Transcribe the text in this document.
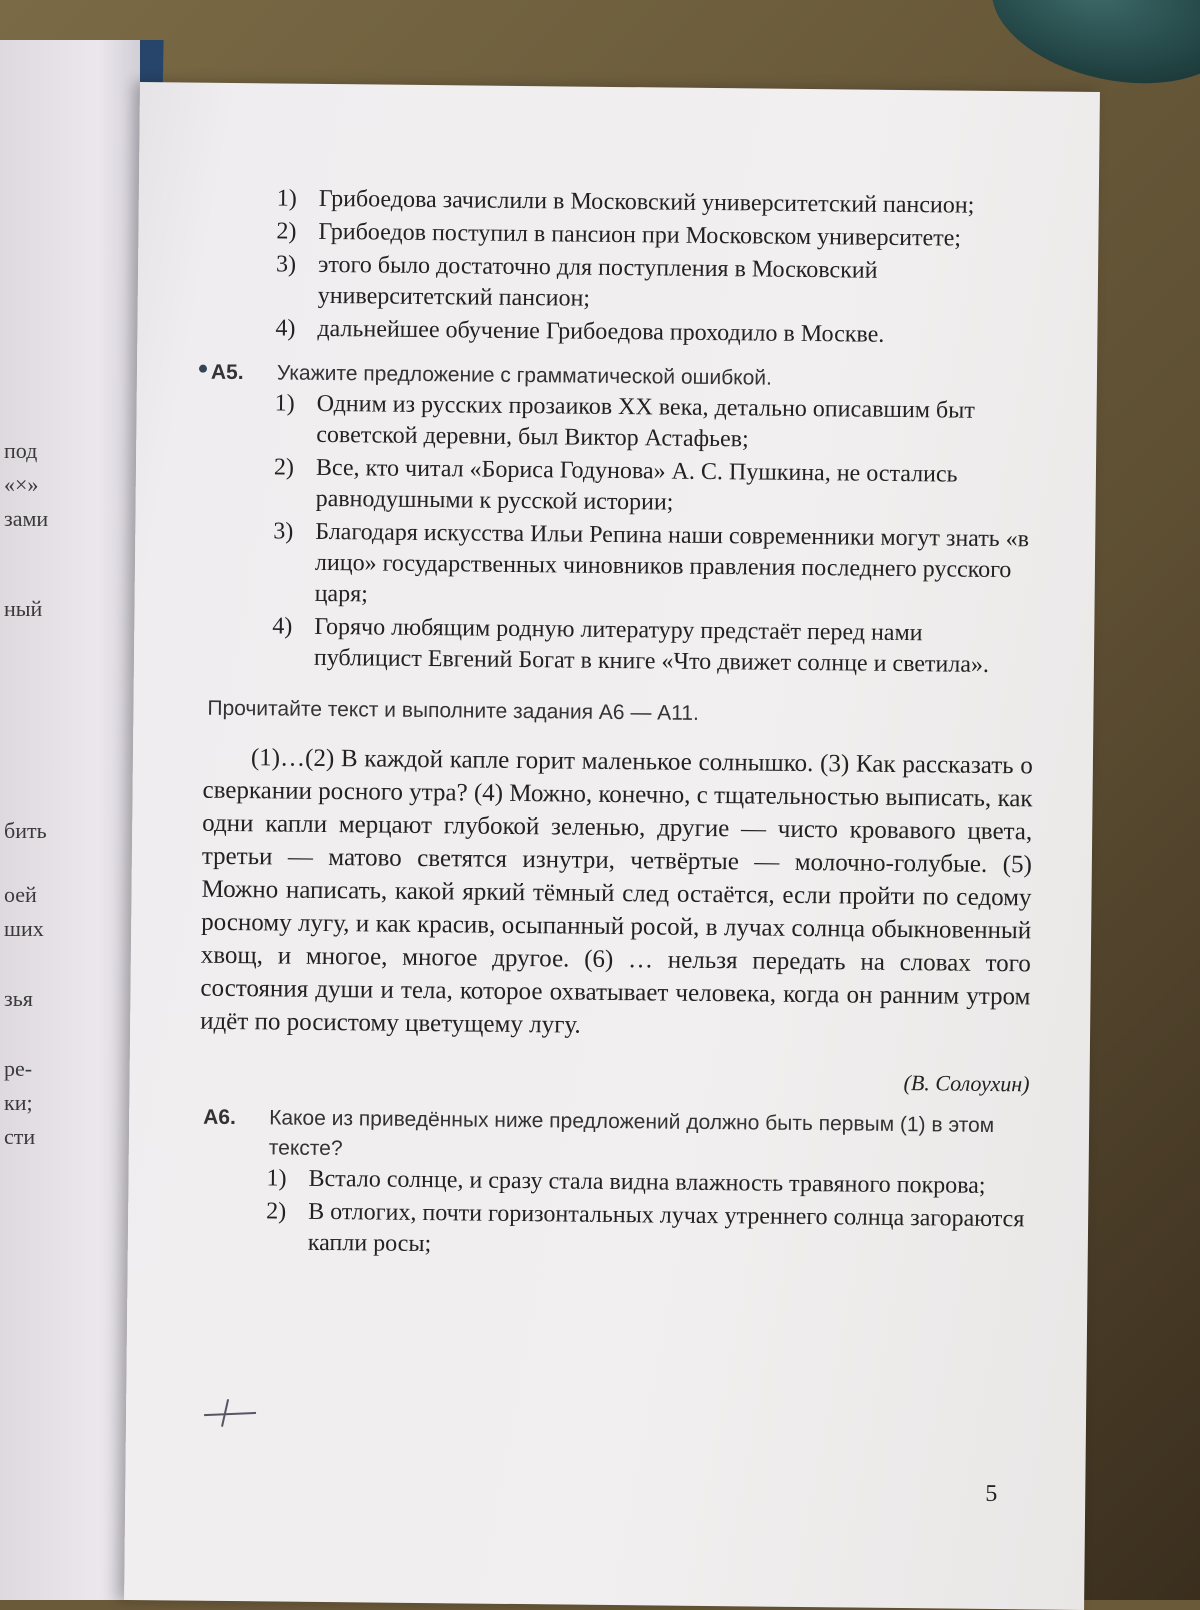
под
«×»
зами
ный
бить
оей
ших
зья
ре-
ки;
сти
1) Грибоедова зачислили в Московский университетский пансион;
2) Грибоедов поступил в пансион при Московском университете;
3) этого было достаточно для поступления в Московский университетский пансион;
4) дальнейшее обучение Грибоедова проходило в Москве.
А5. Укажите предложение с грамматической ошибкой.
1) Одним из русских прозаиков XX века, детально описавшим быт советской деревни, был Виктор Астафьев;
2) Все, кто читал «Бориса Годунова» А. С. Пушкина, не остались равнодушными к русской истории;
3) Благодаря искусства Ильи Репина наши современники могут знать «в лицо» государственных чиновников правления последнего русского царя;
4) Горячо любящим родную литературу предстаёт перед нами публицист Евгений Богат в книге «Что движет солнце и светила».
Прочитайте текст и выполните задания А6 — А11.

(1)…(2) В каждой капле горит маленькое солнышко. (3) Как рассказать о сверкании росного утра? (4) Можно, конечно, с тщательностью выписать, как одни капли мерцают глубокой зеленью, другие — чисто кровавого цвета, третьи — матово светятся изнутри, четвёртые — молочно-голубые. (5) Можно написать, какой яркий тёмный след остаётся, если пройти по седому росному лугу, и как красив, осыпанный росой, в лучах солнца обыкновенный хвощ, и многое, многое другое. (6) … нельзя передать на словах того состояния души и тела, которое охватывает человека, когда он ранним утром идёт по росистому цветущему лугу.

(В. Солоухин)
А6. Какое из приведённых ниже предложений должно быть первым (1) в этом тексте?
1) Встало солнце, и сразу стала видна влажность травяного покрова;
2) В отлогих, почти горизонтальных лучах утреннего солнца загораются капли росы;
5
